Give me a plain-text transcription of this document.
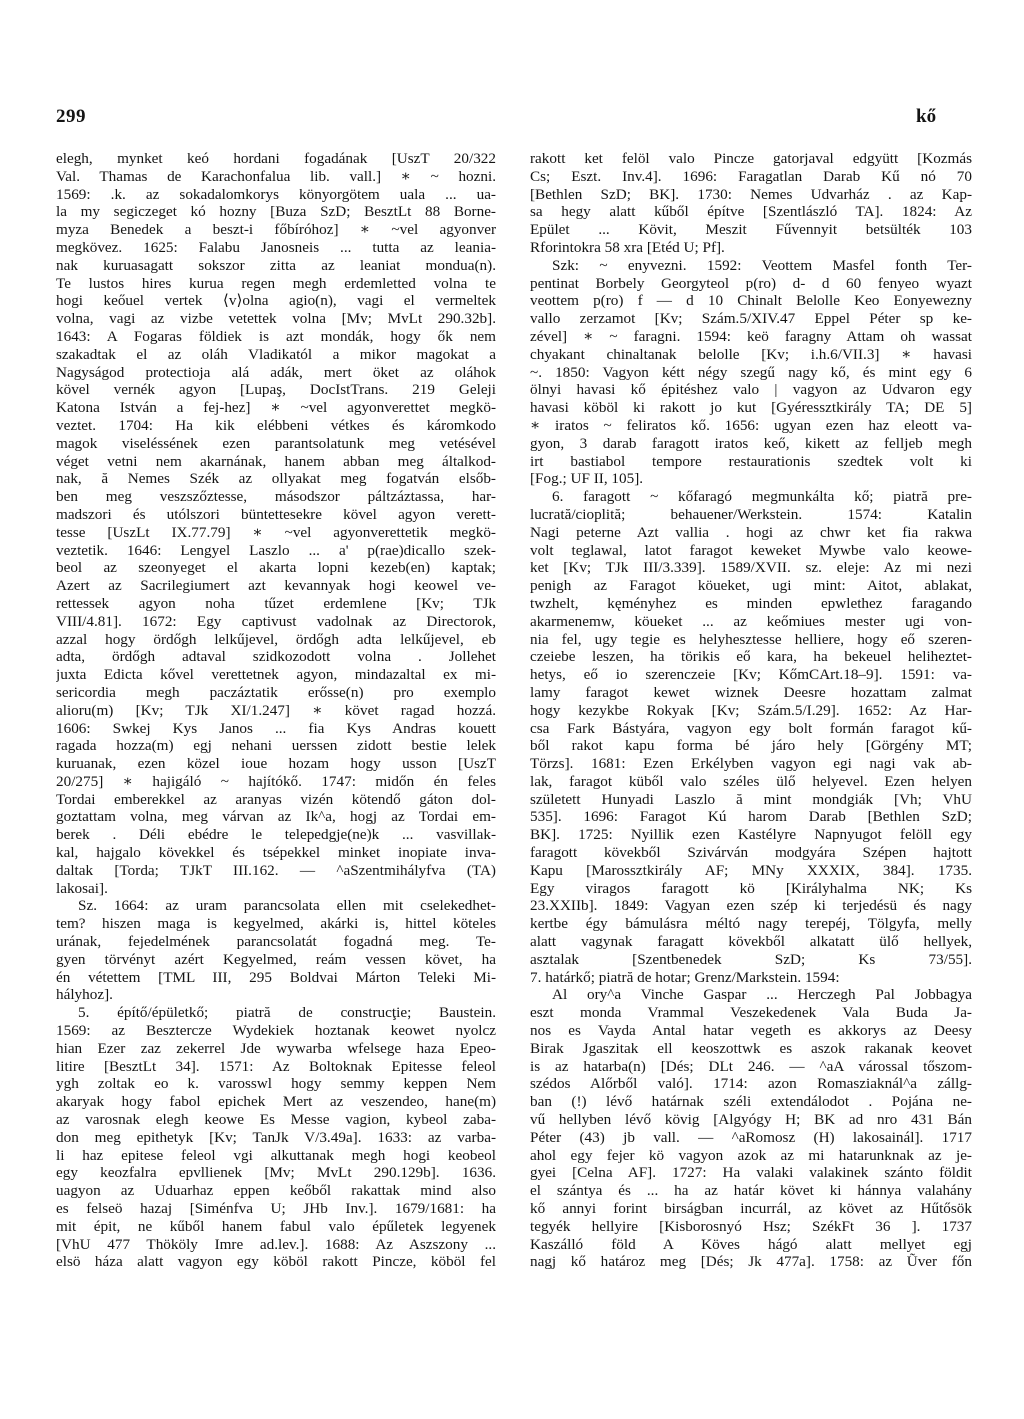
299	kő
elegh, mynket keó hordani fogadának [UszT 20/322
Val. Thamas de Karachonfalua lib. vall.] ∗ ~ hozni.
1569: .k. az sokadalomkorys könyorgötem uala ... ua-
la my segiczeget kó hozny [Buza SzD; BesztLt 88 Borne-
myza Benedek a beszt-i főbíróhoz] ∗ ~vel agyonver
megkövez. 1625: Falabu Janosneis ... tutta az leania-
nak kuruasagatt sokszor zitta az leaniat mondua(n).
Te lustos hires kurua regen megh erdemletted volna te
hogi keőuel vertek ⟨v⟩olna agio(n), vagi el vermeltek
volna, vagi az vizbe vetettek volna [Mv; MvLt 290.32b].
1643: A Fogaras földiek is azt mondák, hogy ők nem
szakadtak el az oláh Vladikatól a mikor magokat a
Nagyságod protectioja alá adák, mert öket az oláhok
kövel vernék agyon [Lupaş, DocIstTrans. 219 Geleji
Katona István a fej-hez] ∗ ~vel agyonverettet megkö-
veztet. 1704: Ha kik elébbeni vétkes és káromkodo
magok viseléssének ezen parantsolatunk meg vetésével
véget vetni nem akarnának, hanem abban meg általkod-
nak, ă Nemes Szék az ollyakat meg fogatván elsőb-
ben meg veszszőztesse, másodszor páltzáztassa, har-
madszori és utólszori büntettesekre kövel agyon verett-
tesse [UszLt IX.77.79] ∗ ~vel agyonverettetik megkö-
veztetik. 1646: Lengyel Laszlo ... a' p(rae)dicallo szek-
beol az szeonyeget el akarta lopni kezeb(en) kaptak;
Azert az Sacrilegiumert azt kevannyak hogi keowel ve-
rettessek agyon noha tűzet erdemlene [Kv; TJk
VIII/4.81]. 1672: Egy captivust vadolnak az Directorok,
azzal hogy ördőgh lelkűjevel, ördőgh adta lelkűjevel, eb
adta, ördőgh adtaval szidkozodott volna . Jollehet
juxta Edicta kővel verettetnek agyon, mindazaltal ex mi-
sericordia megh paczáztatik erősse(n) pro exemplo
alioru(m) [Kv; TJk XI/1.247] ∗ követ ragad hozzá.
1606: Swkej Kys Janos ... fia Kys Andras kouett
ragada hozza(m) egj nehani uerssen zidott bestie lelek
kuruanak, ezen közel ioue hozam hogy usson [UszT
20/275] ∗ hajigáló ~ hajítókő. 1747: midőn én feles
Tordai emberekkel az aranyas vizén kötendő gáton dol-
goztattam volna, meg várvan az Ik^a, hogj az Tordai em-
berek . Déli ebédre le telepedgje(ne)k ... vasvillak-
kal, hajgalo kövekkel és tsépekkel minket inopiate inva-
daltak [Torda; TJkT III.162. — ^aSzentmihályfva (TA)
lakosai].
Sz. 1664: az uram parancsolata ellen mit cselekedhet-
tem? hiszen maga is kegyelmed, akárki is, hittel köteles
urának, fejedelmének parancsolatát fogadná meg. Te-
gyen törvényt azért Kegyelmed, reám vessen követ, ha
én vétettem [TML III, 295 Boldvai Márton Teleki Mi-
hályhoz].
5. építő/épületkő; piatră de construcţie; Baustein.
1569: az Besztercze Wydekiek hoztanak keowet nyolcz
hian Ezer zaz zekerrel Jde wywarba wfelsege haza Epeo-
litire [BesztLt 34]. 1571: Az Boltoknak Epitesse feleol
ygh zoltak eo k. varosswl hogy semmy keppen Nem
akaryak hogy fabol epichek Mert az veszendeo, hane(m)
az varosnak elegh keowe Es Messe vagion, kybeol zaba-
don meg epithetyk [Kv; TanJk V/3.49a]. 1633: az varba-
li haz epitese feleol vgi alkuttanak megh hogi keobeol
egy keozfalra epvllienek [Mv; MvLt 290.129b]. 1636.
uagyon az Uduarhaz eppen keőből rakattak mind also
es felseö hazaj [Siménfva U; JHb Inv.]. 1679/1681: ha
mit épit, ne kűből hanem fabul valo épűletek legyenek
[VhU 477 Thököly Imre ad.lev.]. 1688: Az Aszszony ...
elsö háza alatt vagyon egy köböl rakott Pincze, köböl fel
rakott ket felöl valo Pincze gatorjaval edgyütt [Kozmás
Cs; Eszt. Inv.4]. 1696: Faragatlan Darab Kű nó 70
[Bethlen SzD; BK]. 1730: Nemes Udvarház . az Kap-
sa hegy alatt kűből építve [Szentlászló TA]. 1824: Az
Epület ... Kövit, Meszit Fűvennyit betsülték 103
Rforintokra 58 xra [Etéd U; Pf].
Szk: ~ enyvezni. 1592: Veottem Masfel fonth Ter-
pentinat Borbely Georgyteol p(ro) d- d 60 fenyeo wyazt
veottem p(ro) f — d 10 Chinalt Belolle Keo Eonyewezny
vallo zerzamot [Kv; Szám.5/XIV.47 Eppel Péter sp ke-
zével] ∗ ~ faragni. 1594: keö faragny Attam oh wassat
chyakant chinaltanak belolle [Kv; i.h.6/VII.3] ∗ havasi
~. 1850: Vagyon kétt négy szegű nagy kő, és mint egy 6
ölnyi havasi kő épitéshez valo | vagyon az Udvaron egy
havasi köböl ki rakott jo kut [Gyéressztkirály TA; DE 5]
∗ iratos ~ feliratos kő. 1656: ugyan ezen haz eleott va-
gyon, 3 darab faragott iratos keő, kikett az felljeb megh
irt bastiabol tempore restaurationis szedtek volt ki
[Fog.; UF II, 105].
6. faragott ~ kőfaragó megmunkálta kő; piatră pre-
lucrată/cioplită; behauener/Werkstein. 1574: Katalin
Nagi peterne Azt vallia . hogi az chwr ket fia rakwa
volt teglawal, latot faragot keweket Mywbe valo keowe-
ket [Kv; TJk III/3.339]. 1589/XVII. sz. eleje: Az mi nezi
penigh az Faragot köueket, ugi mint: Aitot, ablakat,
twzhelt, kęményhez es minden epwlethez faragando
akarmenemw, köueket ... az keőmiues mester ugi von-
nia fel, ugy tegie es helyhesztesse helliere, hogy eő szeren-
czeiebe leszen, ha törikis eő kara, ha bekeuel heliheztet-
hetys, eő io szerenczeie [Kv; KőmCArt.18–9]. 1591: va-
lamy faragot kewet wiznek Deesre hozattam zalmat
hogy kezykbe Rokyak [Kv; Szám.5/I.29]. 1652: Az Har-
csa Fark Bástyára, vagyon egy bolt formán faragot kű-
ből rakot kapu forma bé járo hely [Görgény MT;
Törzs]. 1681: Ezen Erkélyben vagyon egi nagi vak ab-
lak, faragot küből valo széles ülő helyevel. Ezen helyen
született Hunyadi Laszlo ă mint mondgiák [Vh; VhU
535]. 1696: Faragot Kú harom Darab [Bethlen SzD;
BK]. 1725: Nyillik ezen Kastélyre Napnyugot felöll egy
faragott kövekből Szivárván modgyára Szépen hajtott
Kapu [Marossztkirály AF; MNy XXXIX, 384]. 1735.
Egy viragos faragott kö [Királyhalma NK; Ks
23.XXIIb]. 1849: Vagyan ezen szép ki terjedésü és nagy
kertbe égy bámulásra méltó nagy terepéj, Tölgyfa, melly
alatt vagynak faragatt kövekből alkatatt ülő hellyek,
asztalak [Szentbenedek SzD; Ks 73/55].
7. határkő; piatră de hotar; Grenz/Markstein. 1594:
Al ory^a Vinche Gaspar ... Herczegh Pal Jobbagya
eszt monda Vrammal Veszekedenek Vala Buda Ja-
nos es Vayda Antal hatar vegeth es akkorys az Deesy
Birak Jgaszitak ell keoszottwk es aszok rakanak keovet
is az hatarba(n) [Dés; DLt 246. — ^aA várossal tőszom-
szédos Alőrből való]. 1714: azon Romasziaknál^a zállg-
ban (!) lévő határnak széli extendálodot . Pojána ne-
vű hellyben lévő kövig [Algyógy H; BK ad nro 431 Bán
Péter (43) jb vall. — ^aRomosz (H) lakosainál]. 1717
ahol egy fejer kö vagyon azok az mi hatarunknak az je-
gyei [Celna AF]. 1727: Ha valaki valakinek szánto földit
el szántya és ... ha az határ követ ki hánnya valahány
kő annyi forint birságban incurrál, az követ az Hűtősök
tegyék hellyire [Kisborosnyó Hsz; SzékFt 36 ]. 1737
Kaszálló föld A Köves hágó alatt mellyet egj
nagj kő határoz meg [Dés; Jk 477a]. 1758: az Ũver főn
